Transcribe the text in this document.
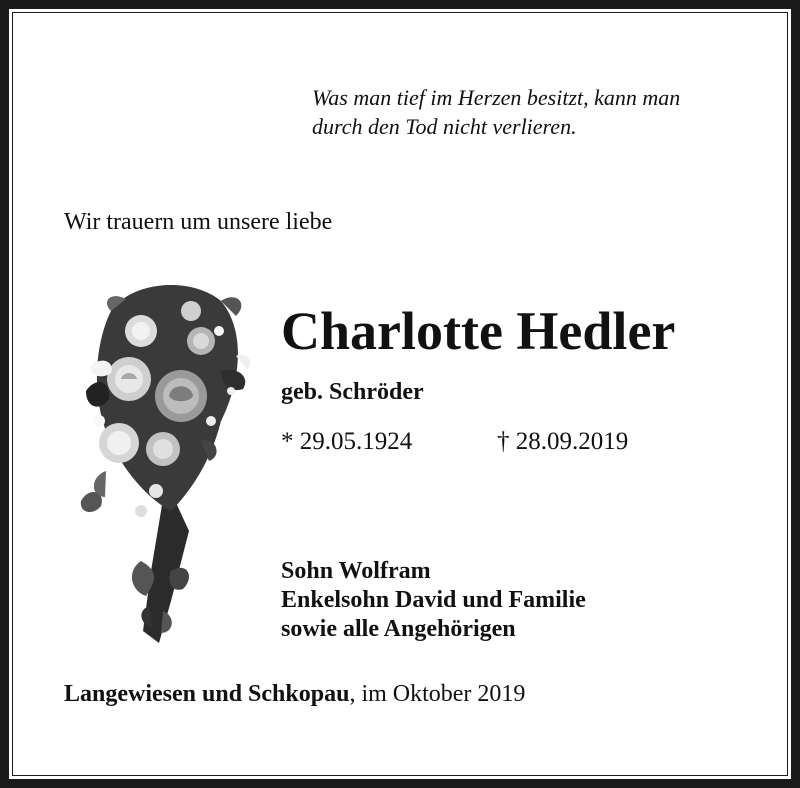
Was man tief im Herzen besitzt, kann man
durch den Tod nicht verlieren.
Wir trauern um unsere liebe
Charlotte Hedler
geb. Schröder
* 29.05.1924	† 28.09.2019
Sohn Wolfram
Enkelsohn David und Familie
sowie alle Angehörigen
Langewiesen und Schkopau, im Oktober 2019
